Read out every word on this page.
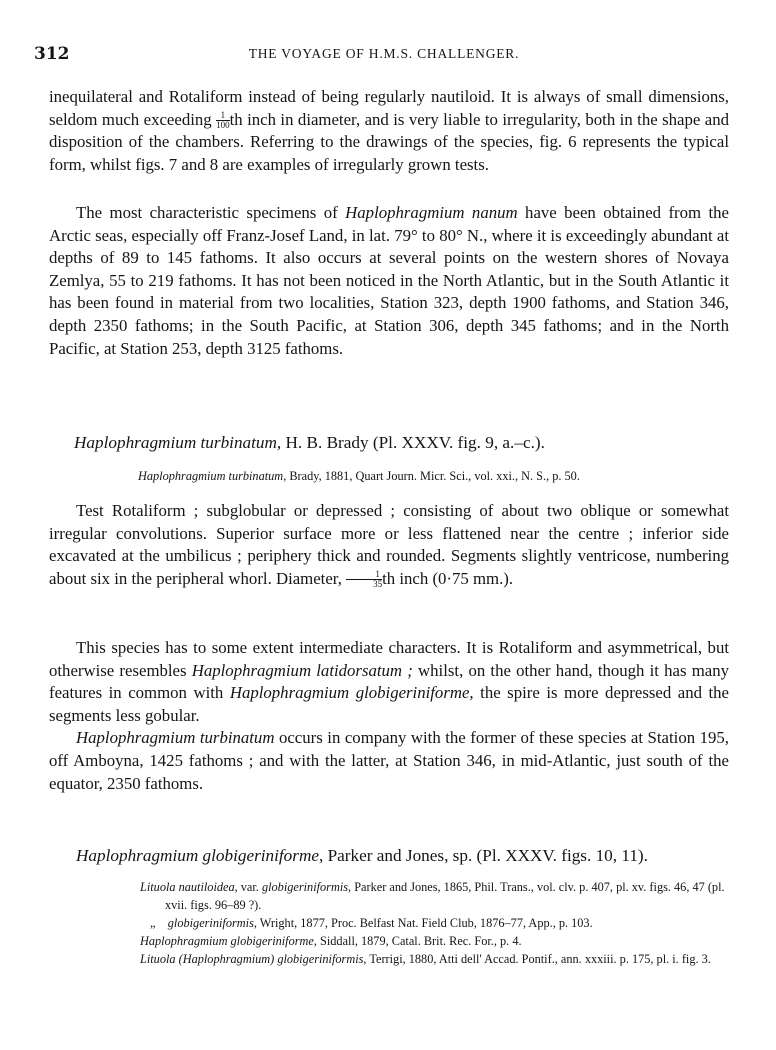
312	THE VOYAGE OF H.M.S. CHALLENGER.

inequilateral and Rotaliform instead of being regularly nautiloid. It is always of small dimensions, seldom much exceeding $\frac{1}{100}$ th inch in diameter, and is very liable to irregularity, both in the shape and disposition of the chambers. Referring to the drawings of the species, fig. 6 represents the typical form, whilst figs. 7 and 8 are examples of irregularly grown tests.

The most characteristic specimens of Haplophragmium nanum have been obtained from the Arctic seas, especially off Franz-Josef Land, in lat. 79° to 80° N., where it is exceedingly abundant at depths of 89 to 145 fathoms. It also occurs at several points on the western shores of Novaya Zemlya, 55 to 219 fathoms. It has not been noticed in the North Atlantic, but in the South Atlantic it has been found in material from two localities, Station 323, depth 1900 fathoms, and Station 346, depth 2350 fathoms; in the South Pacific, at Station 306, depth 345 fathoms; and in the North Pacific, at Station 253, depth 3125 fathoms.

Haplophragmium turbinatum, H. B. Brady (Pl. XXXV. fig. 9, a.–c.).

Haplophragmium turbinatum, Brady, 1881, Quart Journ. Micr. Sci., vol. xxi., N. S., p. 50.

Test Rotaliform ; subglobular or depressed ; consisting of about two oblique or somewhat irregular convolutions. Superior surface more or less flattened near the centre ; inferior side excavated at the umbilicus ; periphery thick and rounded. Segments slightly ventricose, numbering about six in the peripheral whorl. Diameter, $\frac{1}{35}$ th inch (0·75 mm.).

This species has to some extent intermediate characters. It is Rotaliform and asymmetrical, but otherwise resembles Haplophragmium latidorsatum ; whilst, on the other hand, though it has many features in common with Haplophragmium globigeriniforme, the spire is more depressed and the segments less gobular.

Haplophragmium turbinatum occurs in company with the former of these species at Station 195, off Amboyna, 1425 fathoms ; and with the latter, at Station 346, in mid-Atlantic, just south of the equator, 2350 fathoms.

Haplophragmium globigeriniforme, Parker and Jones, sp. (Pl. XXXV. figs. 10, 11).

Lituola nautiloidea, var. globigeriniformis, Parker and Jones, 1865, Phil. Trans., vol. clv. p. 407, pl. xv. figs. 46, 47 (pl. xvii. figs. 96–89 ?).

„ globigeriniformis, Wright, 1877, Proc. Belfast Nat. Field Club, 1876–77, App., p. 103.

Haplophragmium globigeriniforme, Siddall, 1879, Catal. Brit. Rec. For., p. 4.

Lituola (Haplophragmium) globigeriniformis, Terrigi, 1880, Atti dell' Accad. Pontif., ann. xxxiii. p. 175, pl. i. fig. 3.
